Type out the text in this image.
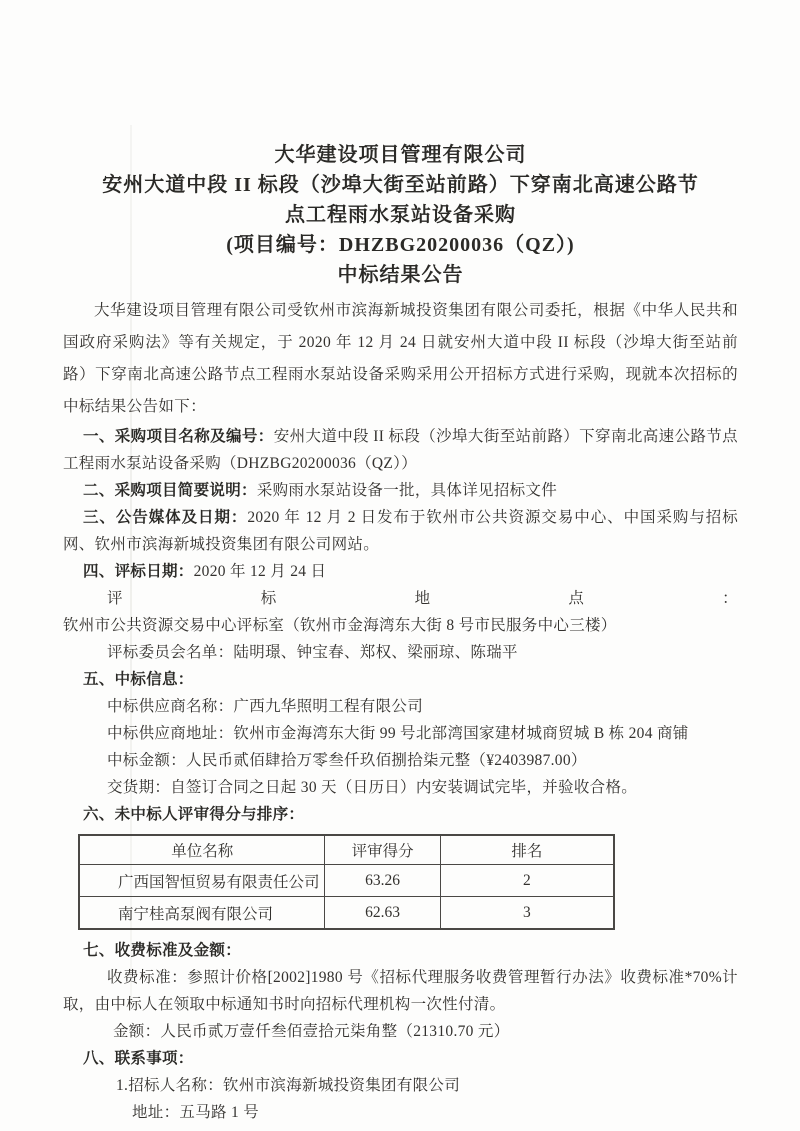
大华建设项目管理有限公司
安州大道中段 II 标段（沙埠大街至站前路）下穿南北高速公路节
点工程雨水泵站设备采购
(项目编号：DHZBG20200036（QZ）)
中标结果公告

大华建设项目管理有限公司受钦州市滨海新城投资集团有限公司委托，根据《中华人民共和国政府采购法》等有关规定，于 2020 年 12 月 24 日就安州大道中段 II 标段（沙埠大街至站前路）下穿南北高速公路节点工程雨水泵站设备采购采用公开招标方式进行采购，现就本次招标的中标结果公告如下：

一、采购项目名称及编号：安州大道中段 II 标段（沙埠大街至站前路）下穿南北高速公路节点工程雨水泵站设备采购（DHZBG20200036（QZ））

二、采购项目简要说明：采购雨水泵站设备一批，具体详见招标文件

三、公告媒体及日期：2020 年 12 月 2 日发布于钦州市公共资源交易中心、中国采购与招标网、钦州市滨海新城投资集团有限公司网站。

四、评标日期：2020 年 12 月 24 日

评标地点：钦州市公共资源交易中心评标室（钦州市金海湾东大街 8 号市民服务中心三楼）

评标委员会名单：陆明璟、钟宝春、郑权、梁丽琼、陈瑞平

五、中标信息：

中标供应商名称：广西九华照明工程有限公司

中标供应商地址：钦州市金海湾东大街 99 号北部湾国家建材城商贸城 B 栋 204 商铺

中标金额：人民币贰佰肆拾万零叁仟玖佰捌拾柒元整（¥2403987.00）

交货期：自签订合同之日起 30 天（日历日）内安装调试完毕，并验收合格。

六、未中标人评审得分与排序：

单位名称	评审得分	排名
广西国智恒贸易有限责任公司	63.26	2
南宁桂高泵阀有限公司	62.63	3

七、收费标准及金额：

收费标准：参照计价格[2002]1980 号《招标代理服务收费管理暂行办法》收费标准*70%计取，由中标人在领取中标通知书时向招标代理机构一次性付清。

金额：人民币贰万壹仟叁佰壹拾元柒角整（21310.70 元）

八、联系事项：

1.招标人名称：钦州市滨海新城投资集团有限公司

地址：五马路 1 号
